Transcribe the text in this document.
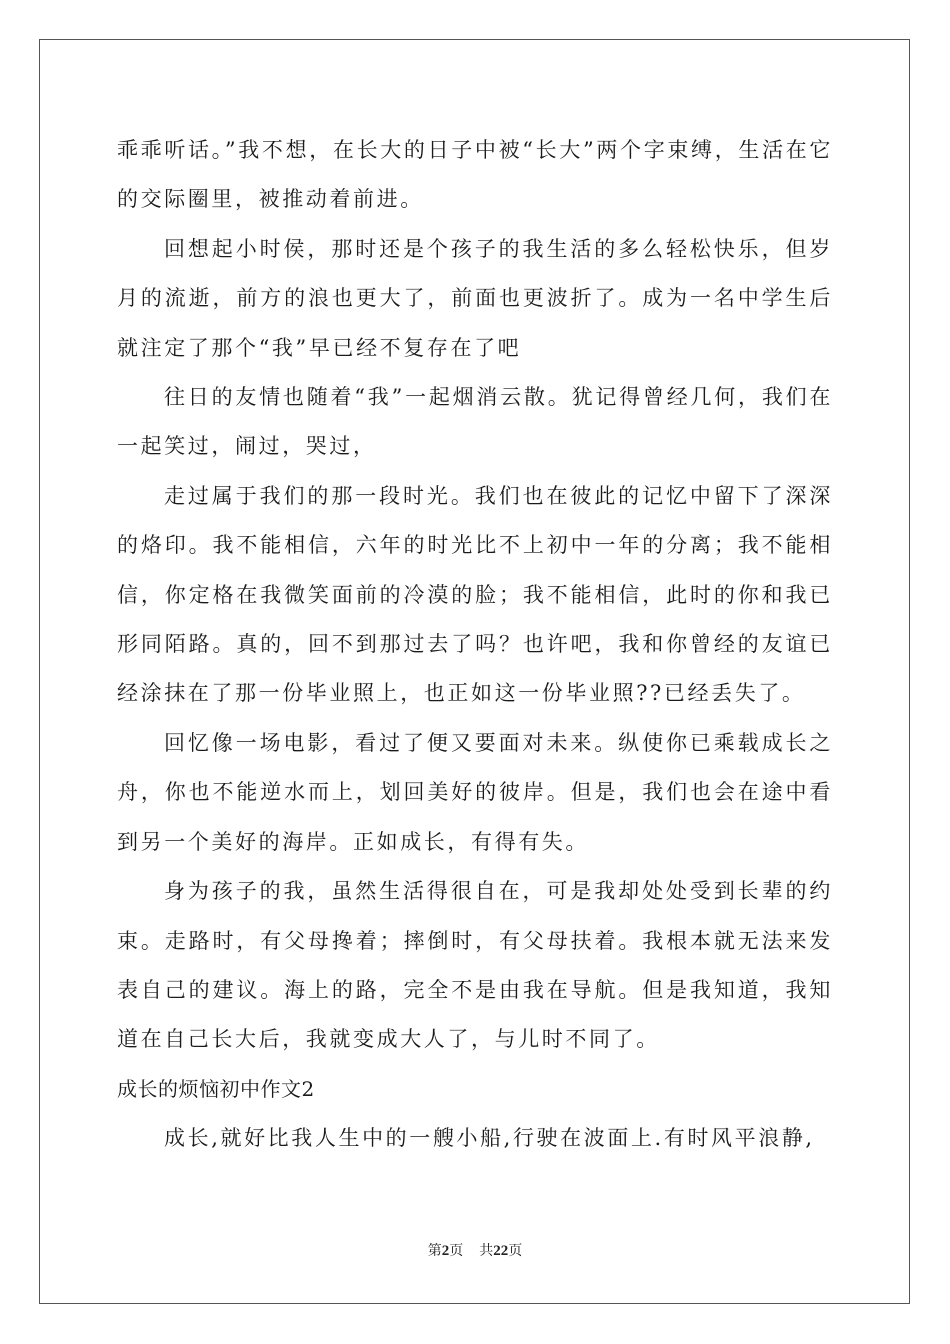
乖乖听话。”我不想，在长大的日子中被“长大”两个字束缚，生活在它的交际圈里，被推动着前进。

回想起小时侯，那时还是个孩子的我生活的多么轻松快乐，但岁月的流逝，前方的浪也更大了，前面也更波折了。成为一名中学生后就注定了那个“我”早已经不复存在了吧

往日的友情也随着“我”一起烟消云散。犹记得曾经几何，我们在一起笑过，闹过，哭过，

走过属于我们的那一段时光。我们也在彼此的记忆中留下了深深的烙印。我不能相信，六年的时光比不上初中一年的分离；我不能相信，你定格在我微笑面前的冷漠的脸；我不能相信，此时的你和我已形同陌路。真的，回不到那过去了吗？也许吧，我和你曾经的友谊已经涂抹在了那一份毕业照上，也正如这一份毕业照??已经丢失了。

回忆像一场电影，看过了便又要面对未来。纵使你已乘载成长之舟，你也不能逆水而上，划回美好的彼岸。但是，我们也会在途中看到另一个美好的海岸。正如成长，有得有失。

身为孩子的我，虽然生活得很自在，可是我却处处受到长辈的约束。走路时，有父母搀着；摔倒时，有父母扶着。我根本就无法来发表自己的建议。海上的路，完全不是由我在导航。但是我知道，我知道在自己长大后，我就变成大人了，与儿时不同了。

成长的烦恼初中作文2

成长,就好比我人生中的一艘小船,行驶在波面上.有时风平浪静,

第2页 共22页
